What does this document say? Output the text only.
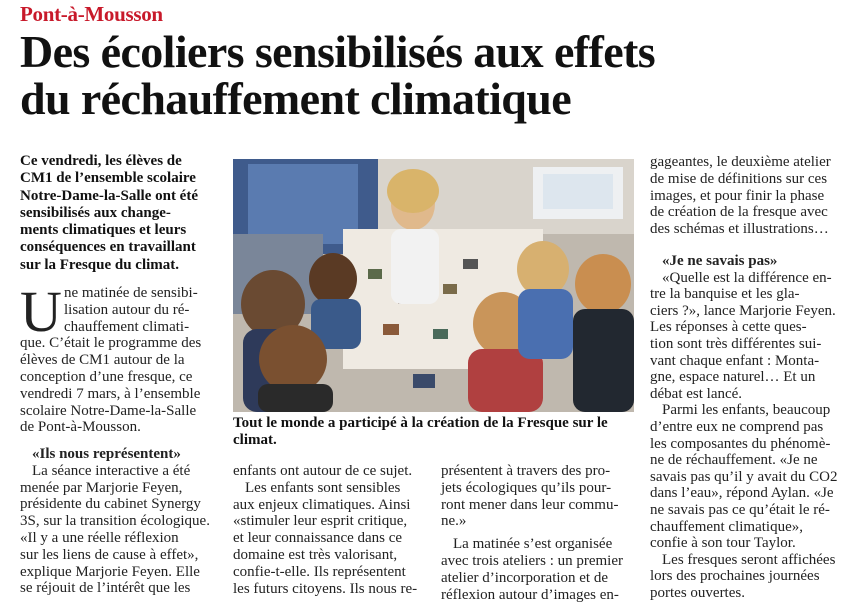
Pont-à-Mousson
Des écoliers sensibilisés aux effets
du réchauffement climatique
Ce vendredi, les élèves de
CM1 de l’ensemble scolaire
Notre-Dame-la-Salle ont été
sensibilisés aux change-
ments climatiques et leurs
conséquences en travaillant
sur la Fresque du climat.
U ne matinée de sensibi-
lisation autour du ré-
chauffement climati-
que. C’était le programme des
élèves de CM1 autour de la
conception d’une fresque, ce
vendredi 7 mars, à l’ensemble
scolaire Notre-Dame-la-Salle
de Pont-à-Mousson.
«Ils nous représentent»
La séance interactive a été
menée par Marjorie Feyen,
présidente du cabinet Synergy
3S, sur la transition écologique.
«Il y a une réelle réflexion
sur les liens de cause à effet»,
explique Marjorie Feyen. Elle
se réjouit de l’intérêt que les
Tout le monde a participé à la création de la Fresque sur le
climat.
enfants ont autour de ce sujet.
Les enfants sont sensibles
aux enjeux climatiques. Ainsi
«stimuler leur esprit critique,
et leur connaissance dans ce
domaine est très valorisant,
confie-t-elle. Ils représentent
les futurs citoyens. Ils nous re-
présentent à travers des pro-
jets écologiques qu’ils pour-
ront mener dans leur commu-
ne.»
La matinée s’est organisée
avec trois ateliers : un premier
atelier d’incorporation et de
réflexion autour d’images en-
gageantes, le deuxième atelier
de mise de définitions sur ces
images, et pour finir la phase
de création de la fresque avec
des schémas et illustrations…
«Je ne savais pas»
«Quelle est la différence en-
tre la banquise et les gla-
ciers ?», lance Marjorie Feyen.
Les réponses à cette ques-
tion sont très différentes sui-
vant chaque enfant : Monta-
gne, espace naturel… Et un
débat est lancé.
Parmi les enfants, beaucoup
d’entre eux ne comprend pas
les composantes du phénomè-
ne de réchauffement. «Je ne
savais pas qu’il y avait du CO2
dans l’eau», répond Aylan. «Je
ne savais pas ce qu’était le ré-
chauffement climatique»,
confie à son tour Taylor.
Les fresques seront affichées
lors des prochaines journées
portes ouvertes.
